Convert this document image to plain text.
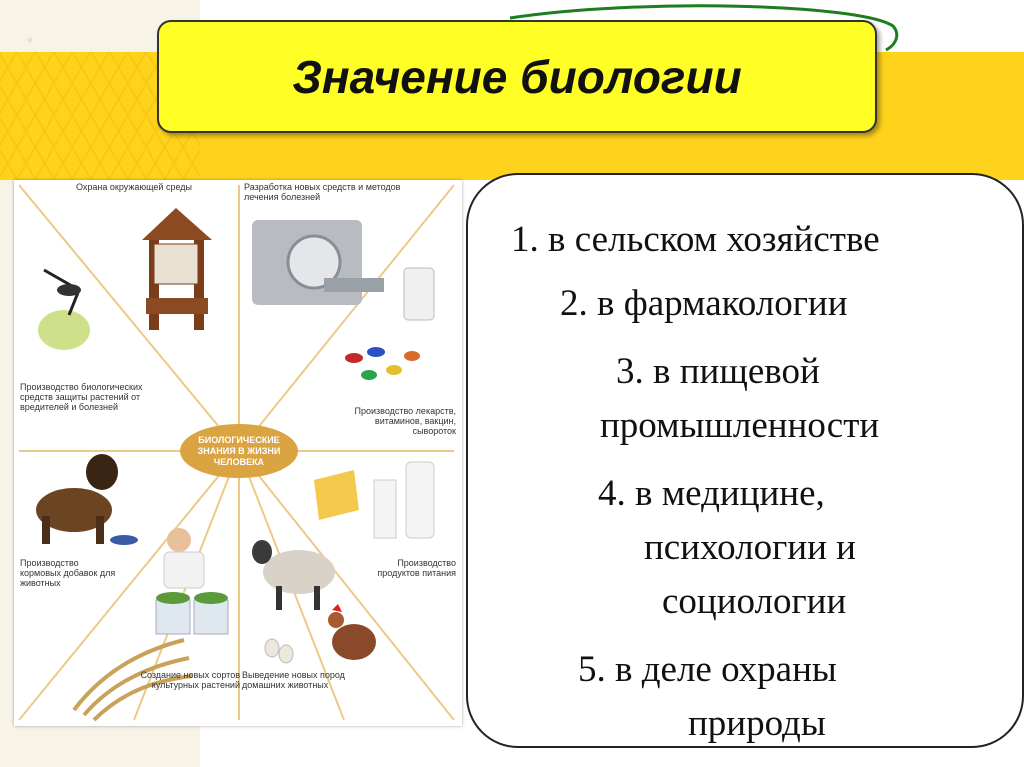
Значение биологии
БИОЛОГИЧЕСКИЕ ЗНАНИЯ В ЖИЗНИ ЧЕЛОВЕКА
Охрана окружающей среды	Разработка новых средств и методов лечения болезней
Производство биологических средств защиты растений от вредителей и болезней	Производство лекарств, витаминов, вакцин, сывороток
Производство кормовых добавок для животных
Производство продуктов питания
Создание новых сортов культурных растений
Выведение новых пород домашних животных
1. в сельском хозяйстве
2. в фармакологии
3. в пищевой
промышленности
4. в медицине,
психологии и
социологии
5. в деле охраны
природы
